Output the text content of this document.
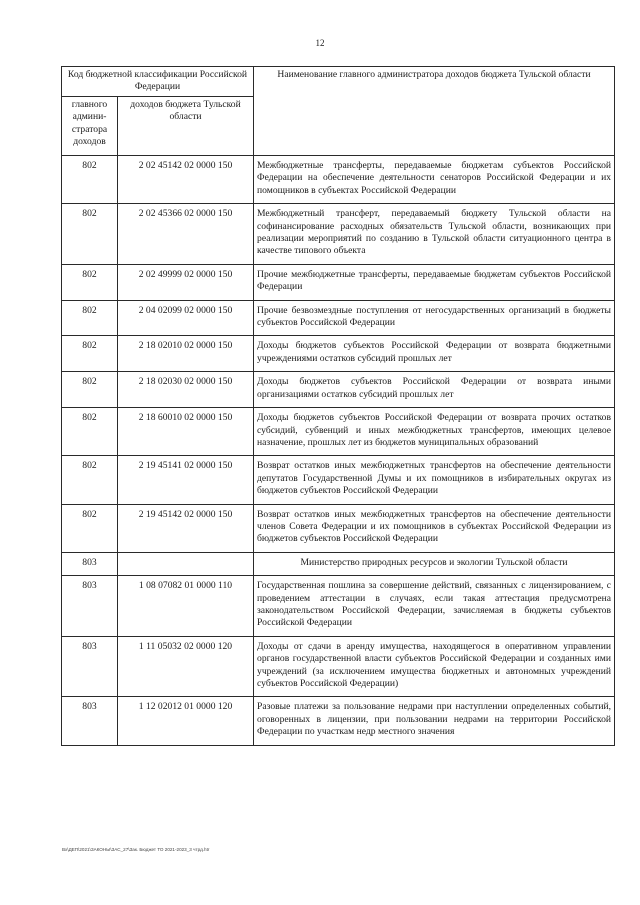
12
Код бюджетной классификации Российской Федерации		Наименование главного администратора доходов бюджета Тульской области
главного админи-стратора доходов	доходов бюджета Тульской области	
802	2 02 45142 02 0000 150	Межбюджетные трансферты, передаваемые бюджетам субъектов Российской Федерации на обеспечение деятельности сенаторов Российской Федерации и их помощников в субъектах Российской Федерации
802	2 02 45366 02 0000 150	Межбюджетный трансферт, передаваемый бюджету Тульской области на софинансирование расходных обязательств Тульской области, возникающих при реализации мероприятий по созданию в Тульской области ситуационного центра в качестве типового объекта
802	2 02 49999 02 0000 150	Прочие межбюджетные трансферты, передаваемые бюджетам субъектов Российской Федерации
802	2 04 02099 02 0000 150	Прочие безвозмездные поступления от негосударственных организаций в бюджеты субъектов Российской Федерации
802	2 18 02010 02 0000 150	Доходы бюджетов субъектов Российской Федерации от возврата бюджетными учреждениями остатков субсидий прошлых лет
802	2 18 02030 02 0000 150	Доходы бюджетов субъектов Российской Федерации от возврата иными организациями остатков субсидий прошлых лет
802	2 18 60010 02 0000 150	Доходы бюджетов субъектов Российской Федерации от возврата прочих остатков субсидий, субвенций и иных межбюджетных трансфертов, имеющих целевое назначение, прошлых лет из бюджетов муниципальных образований
802	2 19 45141 02 0000 150	Возврат остатков иных межбюджетных трансфертов на обеспечение деятельности депутатов Государственной Думы и их помощников в избирательных округах из бюджетов субъектов Российской Федерации
802	2 19 45142 02 0000 150	Возврат остатков иных межбюджетных трансфертов на обеспечение деятельности членов Совета Федерации и их помощников в субъектах Российской Федерации из бюджетов субъектов Российской Федерации
803		Министерство природных ресурсов и экологии Тульской области
803	1 08 07082 01 0000 110	Государственная пошлина за совершение действий, связанных с лицензированием, с проведением аттестации в случаях, если такая аттестация предусмотрена законодательством Российской Федерации, зачисляемая в бюджеты субъектов Российской Федерации
803	1 11 05032 02 0000 120	Доходы от сдачи в аренду имущества, находящегося в оперативном управлении органов государственной власти субъектов Российской Федерации и созданных ими учреждений (за исключением имущества бюджетных и автономных учреждений субъектов Российской Федерации)
803	1 12 02012 01 0000 120	Разовые платежи за пользование недрами при наступлении определенных событий, оговоренных в лицензии, при пользовании недрами на территории Российской Федерации по участкам недр местного значения
Вх\ДЕП\2021\ЗАКОНЫ\ЗАС_27\Зак. Бюджет ТО 2021-2023_3 чтрд.htr
